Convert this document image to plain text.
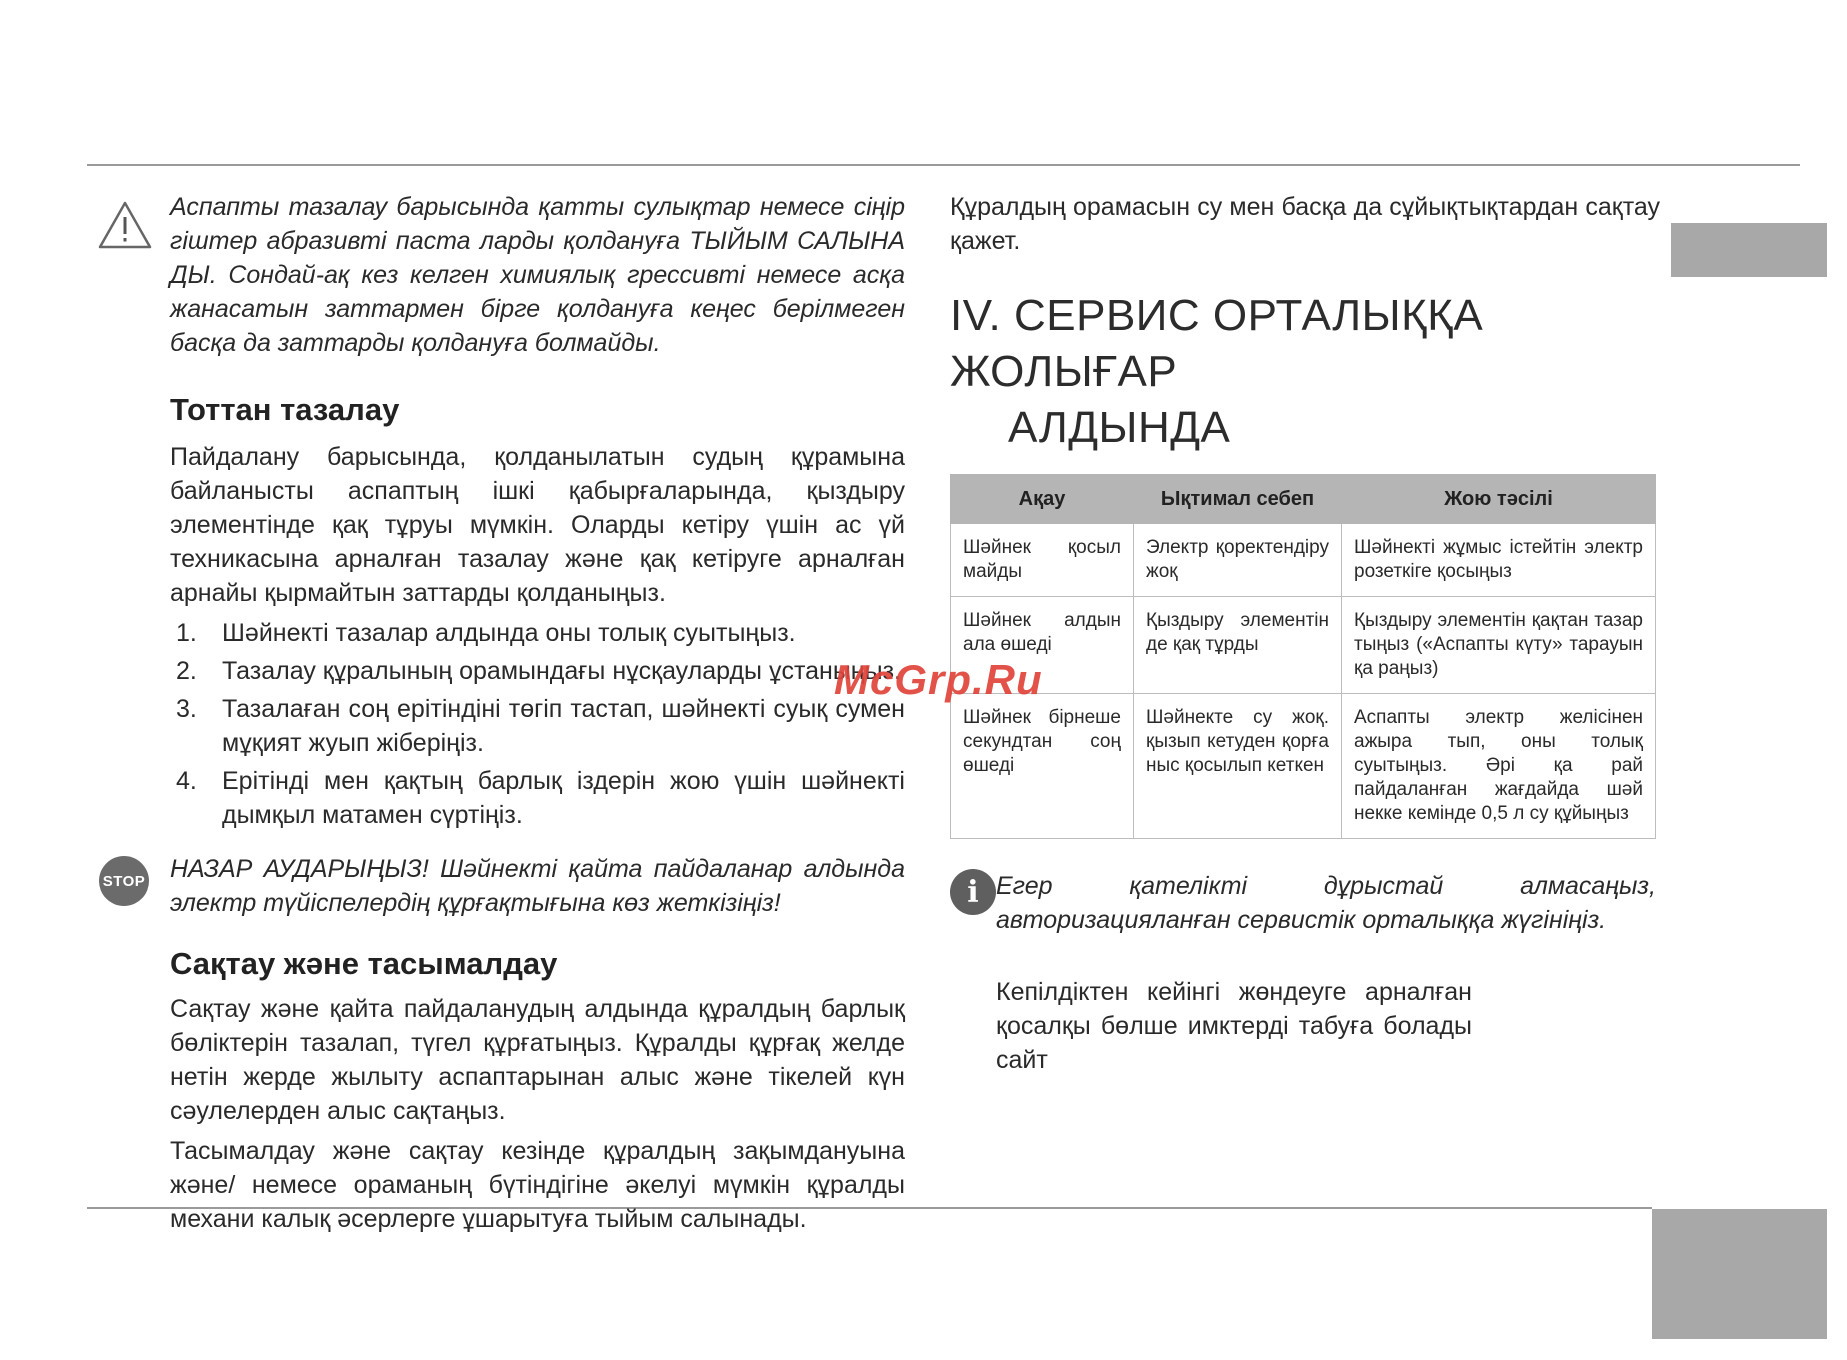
Аспапты тазалау барысында қатты сулықтар немесе сіңір гіштер абразивті паста ларды қолдануға ТЫЙЫМ САЛЫНА ДЫ. Сондай-ақ кез келген химиялық грессивті немесе асқа жанасатын заттармен бірге қолдануға кеңес берілмеген басқа да заттарды қолдануға болмайды.

Тоттан тазалау

Пайдалану барысында, қолданылатын судың құрамына байланысты аспаптың ішкі қабырғаларында, қыздыру элементінде қақ тұруы мүмкін. Оларды кетіру үшін ас үй техникасына арналған тазалау және қақ кетіруге арналған арнайы қырмайтын заттарды қолданыңыз.

1. Шәйнекті тазалар алдында оны толық суытыңыз.
2. Тазалау құралының орамындағы нұсқауларды ұстаныңыз.
3. Тазалаған соң ерітіндіні төгіп тастап, шәйнекті суық сумен мұқият жуып жіберіңіз.
4. Ерітінді мен қақтың барлық іздерін жою үшін шәйнекті дымқыл матамен сүртіңіз.
STOP НАЗАР АУДАРЫҢЫЗ! Шәйнекті қайта пайдаланар алдында электр түйіспелердің құрғақтығына көз жеткізіңіз!

Сақтау және тасымалдау

Сақтау және қайта пайдаланудың алдында құралдың барлық бөліктерін тазалап, түгел құрғатыңыз. Құралды құрғақ желде нетін жерде жылыту аспаптарынан алыс және тікелей күн сәулелерден алыс сақтаңыз.

Тасымалдау және сақтау кезінде құралдың зақымдануына және/ немесе ораманың бүтіндігіне әкелуі мүмкін құралды механи калық әсерлерге ұшарытуға тыйым салынады.

Құралдың орамасын су мен басқа да сұйықтықтардан сақтау қажет.

IV. СЕРВИС ОРТАЛЫҚҚА ЖОЛЫҒАР
АЛДЫНДА
Ақау	Ықтимал себеп	Жою тәсілі
Шәйнек қосыл майды	Электр қоректендіру жоқ	Шәйнекті жұмыс істейтін электр розеткіге қосыңыз
Шәйнек алдын ала өшеді	Қыздыру элементін де қақ тұрды	Қыздыру элементін қақтан тазар тыңыз («Аспапты күту» тарауын қа раңыз)
Шәйнек бірнеше секундтан соң өшеді	Шәйнекте су жоқ. қызып кетуден қорға ныс қосылып кеткен	Аспапты электр желісінен ажыра тып, оны толық суытыңыз. Әрі қа рай пайдаланған жағдайда шәй некке кемінде 0,5 л су құйыңыз
i Егер қателікті дұрыстай алмасаңыз, авторизацияланған сервистік орталыққа жүгініңіз.

Кепілдіктен кейінгі жөндеуге арналған қосалқы бөлше имктерді табуға болады сайт

McGrp.Ru
